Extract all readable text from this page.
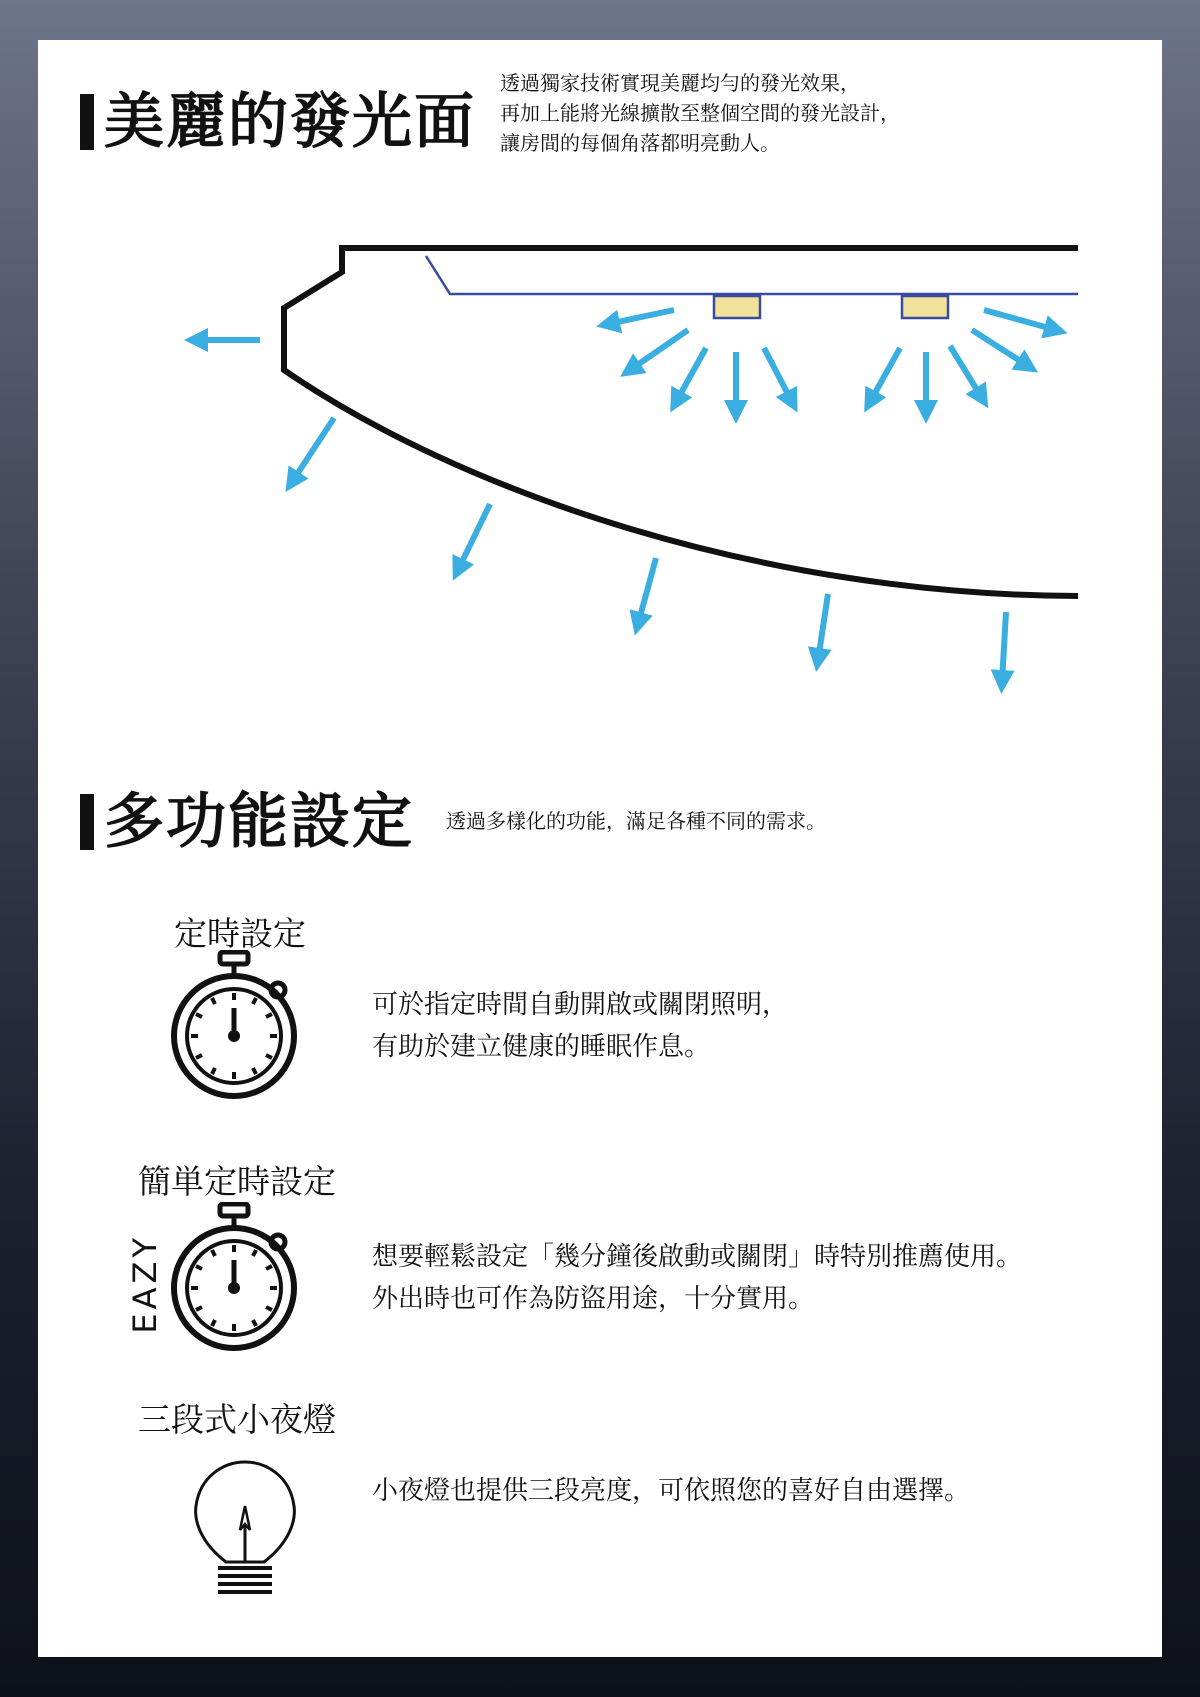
美麗的發光面
透過獨家技術實現美麗均勻的發光效果，
再加上能將光線擴散至整個空間的發光設計，
讓房間的每個角落都明亮動人。
多功能設定 透過多樣化的功能，滿足各種不同的需求。
定時設定
可於指定時間自動開啟或關閉照明，
有助於建立健康的睡眠作息。
簡単定時設定
EAZY	想要輕鬆設定「幾分鐘後啟動或關閉」時特別推薦使用。
外出時也可作為防盜用途，十分實用。
三段式小夜燈
小夜燈也提供三段亮度，可依照您的喜好自由選擇。
